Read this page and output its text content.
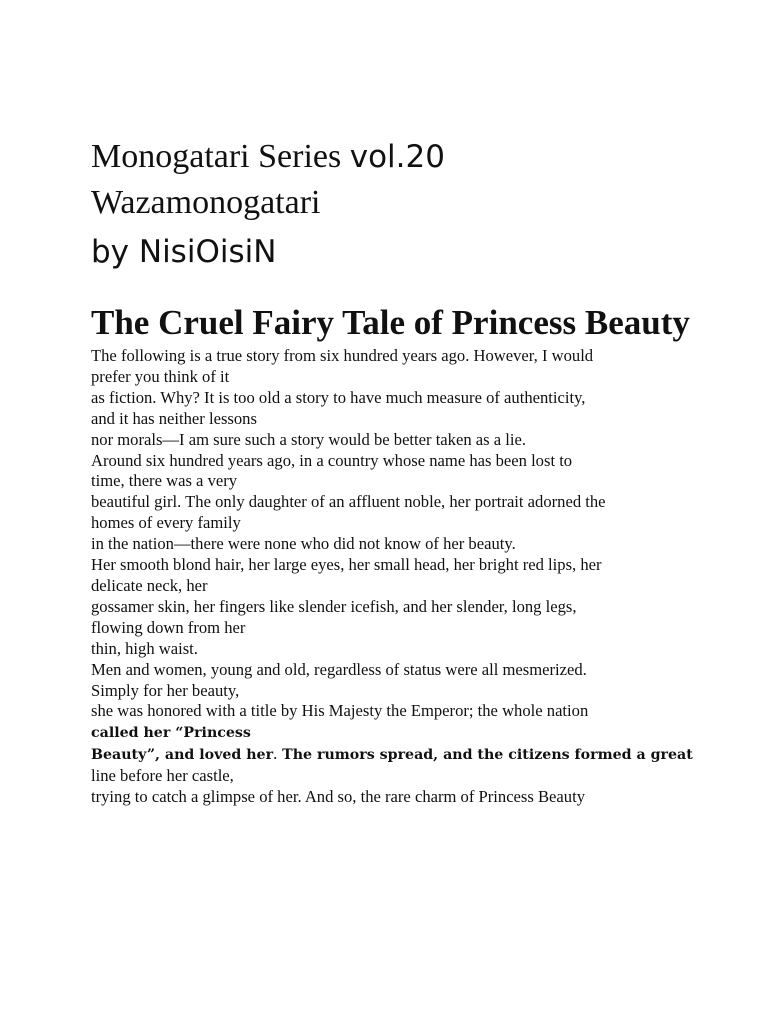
Monogatari Series vol.20

Wazamonogatari

by NisiOisiN

The Cruel Fairy Tale of Princess Beauty
The following is a true story from six hundred years ago. However, I would
prefer you think of it
as fiction. Why? It is too old a story to have much measure of authenticity,
and it has neither lessons
nor morals—I am sure such a story would be better taken as a lie.
Around six hundred years ago, in a country whose name has been lost to
time, there was a very
beautiful girl. The only daughter of an affluent noble, her portrait adorned the
homes of every family
in the nation—there were none who did not know of her beauty.
Her smooth blond hair, her large eyes, her small head, her bright red lips, her
delicate neck, her
gossamer skin, her fingers like slender icefish, and her slender, long legs,
flowing down from her
thin, high waist.
Men and women, young and old, regardless of status were all mesmerized.
Simply for her beauty,
she was honored with a title by His Majesty the Emperor; the whole nation
called her “Princess
Beauty”, and loved her. The rumors spread, and the citizens formed a great
line before her castle,
trying to catch a glimpse of her. And so, the rare charm of Princess Beauty
